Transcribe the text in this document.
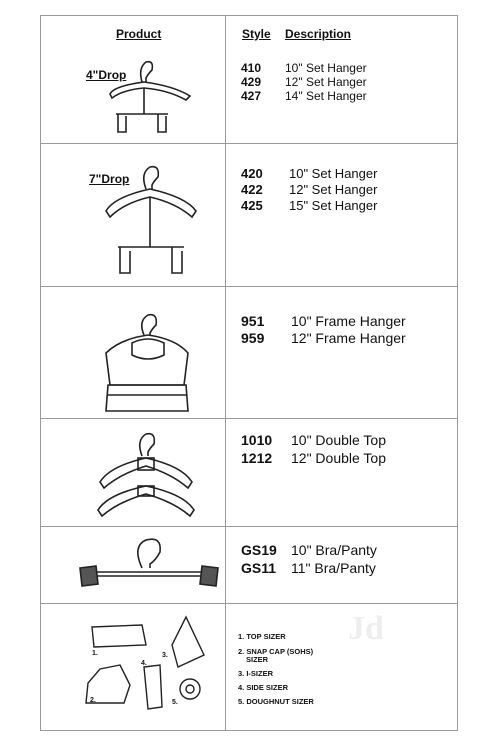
Product	Style Description
4"Drop	410 10" Set Hanger
429 12" Set Hanger
427 14" Set Hanger
7"Drop	420 10" Set Hanger
422 12" Set Hanger
425 15" Set Hanger
951 10" Frame Hanger
959 12" Frame Hanger
1010 10" Double Top
1212 12" Double Top
GS19 10" Bra/Panty
GS11 11" Bra/Panty
1.
2.
3.
4.
5.
1. TOP SIZER
2. SNAP CAP (SOHS)
SIZER
3. I-SIZER
4. SIDE SIZER
5. DOUGHNUT SIZER
Jd
